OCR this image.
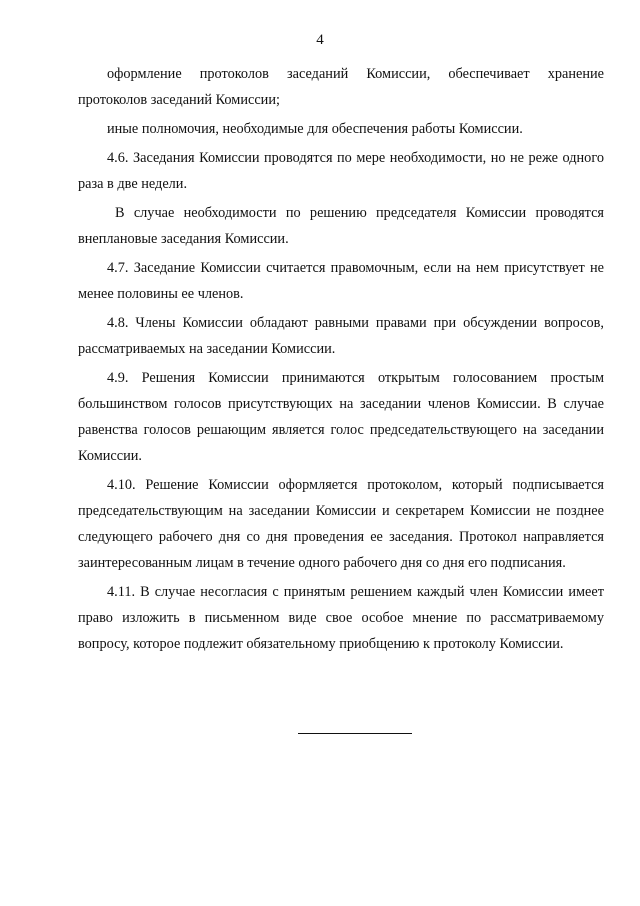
4

оформление протоколов заседаний Комиссии, обеспечивает хранение протоколов заседаний Комиссии;

иные полномочия, необходимые для обеспечения работы Комиссии.

4.6. Заседания Комиссии проводятся по мере необходимости, но не реже одного раза в две недели.

В случае необходимости по решению председателя Комиссии проводятся внеплановые заседания Комиссии.

4.7. Заседание Комиссии считается правомочным, если на нем присутствует не менее половины ее членов.

4.8. Члены Комиссии обладают равными правами при обсуждении вопросов, рассматриваемых на заседании Комиссии.

4.9. Решения Комиссии принимаются открытым голосованием простым большинством голосов присутствующих на заседании членов Комиссии. В случае равенства голосов решающим является голос председательствующего на заседании Комиссии.

4.10. Решение Комиссии оформляется протоколом, который подписывается председательствующим на заседании Комиссии и секретарем Комиссии не позднее следующего рабочего дня со дня проведения ее заседания. Протокол направляется заинтересованным лицам в течение одного рабочего дня со дня его подписания.

4.11. В случае несогласия с принятым решением каждый член Комиссии имеет право изложить в письменном виде свое особое мнение по рассматриваемому вопросу, которое подлежит обязательному приобщению к протоколу Комиссии.
